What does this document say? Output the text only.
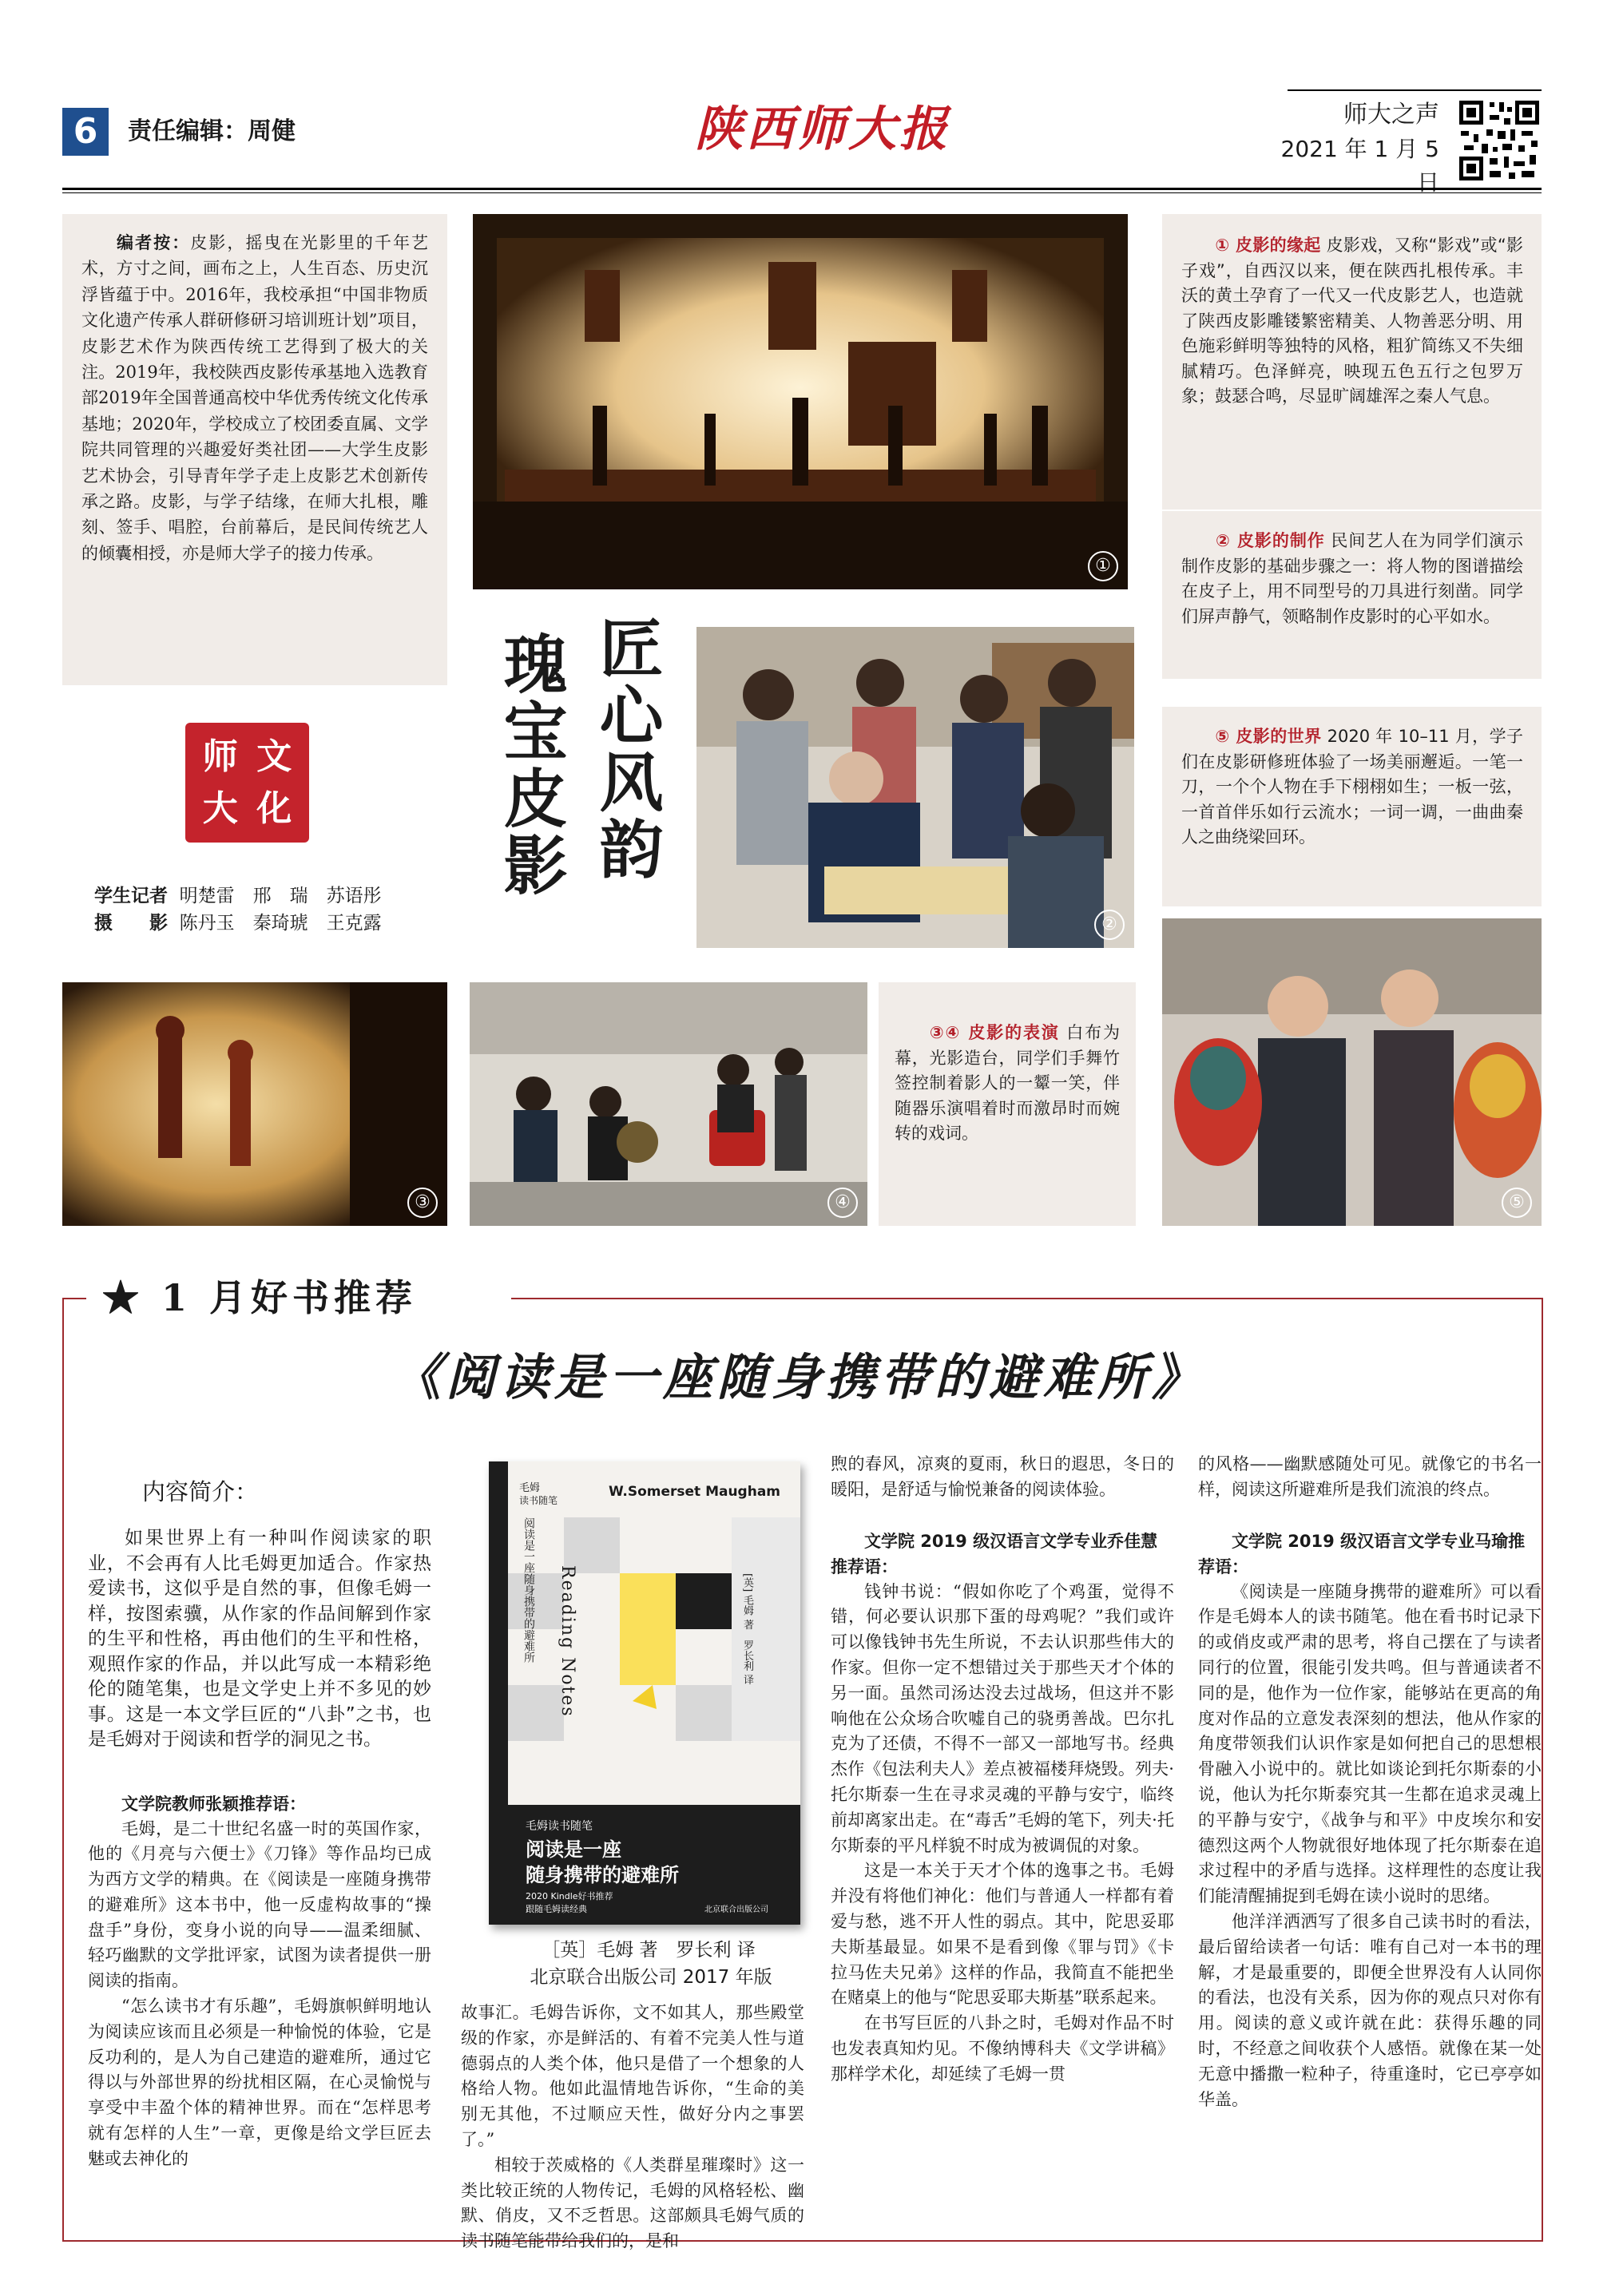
6	责任编辑：周健	陕西师大报	师大之声
2021 年 1 月 5 日
编者按：皮影，摇曳在光影里的千年艺术，方寸之间，画布之上，人生百态、历史沉浮皆蕴于中。2016年，我校承担“中国非物质文化遗产传承人群研修研习培训班计划”项目，皮影艺术作为陕西传统工艺得到了极大的关注。2019年，我校陕西皮影传承基地入选教育部2019年全国普通高校中华优秀传统文化传承基地；2020年，学校成立了校团委直属、文学院共同管理的兴趣爱好类社团——大学生皮影艺术协会，引导青年学子走上皮影艺术创新传承之路。皮影，与学子结缘，在师大扎根，雕刻、签手、唱腔，台前幕后，是民间传统艺人的倾囊相授，亦是师大学子的接力传承。
①
① 皮影的缘起 皮影戏，又称“影戏”或“影子戏”，自西汉以来，便在陕西扎根传承。丰沃的黄土孕育了一代又一代皮影艺人，也造就了陕西皮影雕镂繁密精美、人物善恶分明、用色施彩鲜明等独特的风格，粗犷简练又不失细腻精巧。色泽鲜亮，映现五色五行之包罗万象；鼓瑟合鸣，尽显旷阔雄浑之秦人气息。
② 皮影的制作 民间艺人在为同学们演示制作皮影的基础步骤之一：将人物的图谱描绘在皮子上，用不同型号的刀具进行刻凿。同学们屏声静气，领略制作皮影时的心平如水。
⑤ 皮影的世界 2020 年 10–11 月，学子们在皮影研修班体验了一场美丽邂逅。一笔一刀，一个个人物在手下栩栩如生；一板一弦，一首首伴乐如行云流水；一词一调，一曲曲秦人之曲绕梁回环。
师 文
大 化
学生记者 明楚雷　邢　瑞　苏语彤
摄　　影 陈丹玉　秦琦琥　王克露
匠心风韵
瑰宝皮影
②
③	④
③④ 皮影的表演 白布为幕，光影造台，同学们手舞竹签控制着影人的一颦一笑，伴随器乐演唱着时而激昂时而婉转的戏词。
⑤
★ 1 月好书推荐
《阅读是一座随身携带的避难所》
内容简介：

如果世界上有一种叫作阅读家的职业，不会再有人比毛姆更加适合。作家热爱读书，这似乎是自然的事，但像毛姆一样，按图索骥，从作家的作品间解到作家的生平和性格，再由他们的生平和性格，观照作家的作品，并以此写成一本精彩绝伦的随笔集，也是文学史上并不多见的妙事。这是一本文学巨匠的“八卦”之书，也是毛姆对于阅读和哲学的洞见之书。

文学院教师张颖推荐语：

毛姆，是二十世纪名盛一时的英国作家，他的《月亮与六便士》《刀锋》等作品均已成为西方文学的精典。在《阅读是一座随身携带的避难所》这本书中，他一反虚构故事的“操盘手”身份，变身小说的向导——温柔细腻、轻巧幽默的文学批评家，试图为读者提供一册阅读的指南。

“怎么读书才有乐趣”，毛姆旗帜鲜明地认为阅读应该而且必须是一种愉悦的体验，它是反功利的，是人为自己建造的避难所，通过它得以与外部世界的纷扰相区隔，在心灵愉悦与享受中丰盈个体的精神世界。而在“怎样思考就有怎样的人生”一章，更像是给文学巨匠去魅或去神化的

毛姆
读书随笔
W.Somerset Maugham
Reading Notes
阅读是一座随身携带的避难所	[英] 毛姆 著　罗长利 译
毛姆读书随笔
阅读是一座
随身携带的避难所
2020 Kindle好书推荐
跟随毛姆读经典	北京联合出版公司
［英］毛姆 著　罗长利 译
北京联合出版公司 2017 年版

故事汇。毛姆告诉你，文不如其人，那些殿堂级的作家，亦是鲜活的、有着不完美人性与道德弱点的人类个体，他只是借了一个想象的人格给人物。他如此温情地告诉你，“生命的美别无其他，不过顺应天性，做好分内之事罢了。”

相较于茨威格的《人类群星璀璨时》这一类比较正统的人物传记，毛姆的风格轻松、幽默、俏皮，又不乏哲思。这部颇具毛姆气质的读书随笔能带给我们的，是和

煦的春风，凉爽的夏雨，秋日的遐思，冬日的暖阳，是舒适与愉悦兼备的阅读体验。

文学院 2019 级汉语言文学专业乔佳慧推荐语：

钱钟书说：“假如你吃了个鸡蛋，觉得不错，何必要认识那下蛋的母鸡呢？”我们或许可以像钱钟书先生所说，不去认识那些伟大的作家。但你一定不想错过关于那些天才个体的另一面。虽然司汤达没去过战场，但这并不影响他在公众场合吹嘘自己的骁勇善战。巴尔扎克为了还债，不得不一部又一部地写书。经典杰作《包法利夫人》差点被福楼拜烧毁。列夫·托尔斯泰一生在寻求灵魂的平静与安宁，临终前却离家出走。在“毒舌”毛姆的笔下，列夫·托尔斯泰的平凡样貌不时成为被调侃的对象。

这是一本关于天才个体的逸事之书。毛姆并没有将他们神化：他们与普通人一样都有着爱与愁，逃不开人性的弱点。其中，陀思妥耶夫斯基最显。如果不是看到像《罪与罚》《卡拉马佐夫兄弟》这样的作品，我简直不能把坐在赌桌上的他与“陀思妥耶夫斯基”联系起来。

在书写巨匠的八卦之时，毛姆对作品不时也发表真知灼见。不像纳博科夫《文学讲稿》那样学术化，却延续了毛姆一贯

的风格——幽默感随处可见。就像它的书名一样，阅读这所避难所是我们流浪的终点。

文学院 2019 级汉语言文学专业马瑜推荐语：

《阅读是一座随身携带的避难所》可以看作是毛姆本人的读书随笔。他在看书时记录下的或俏皮或严肃的思考，将自己摆在了与读者同行的位置，很能引发共鸣。但与普通读者不同的是，他作为一位作家，能够站在更高的角度对作品的立意发表深刻的想法，他从作家的角度带领我们认识作家是如何把自己的思想根骨融入小说中的。就比如谈论到托尔斯泰的小说，他认为托尔斯泰究其一生都在追求灵魂上的平静与安宁，《战争与和平》中皮埃尔和安德烈这两个人物就很好地体现了托尔斯泰在追求过程中的矛盾与选择。这样理性的态度让我们能清醒捕捉到毛姆在读小说时的思绪。

他洋洋洒洒写了很多自己读书时的看法，最后留给读者一句话：唯有自己对一本书的理解，才是最重要的，即便全世界没有人认同你的看法，也没有关系，因为你的观点只对你有用。阅读的意义或许就在此：获得乐趣的同时，不经意之间收获个人感悟。就像在某一处无意中播撒一粒种子，待重逢时，它已亭亭如华盖。
